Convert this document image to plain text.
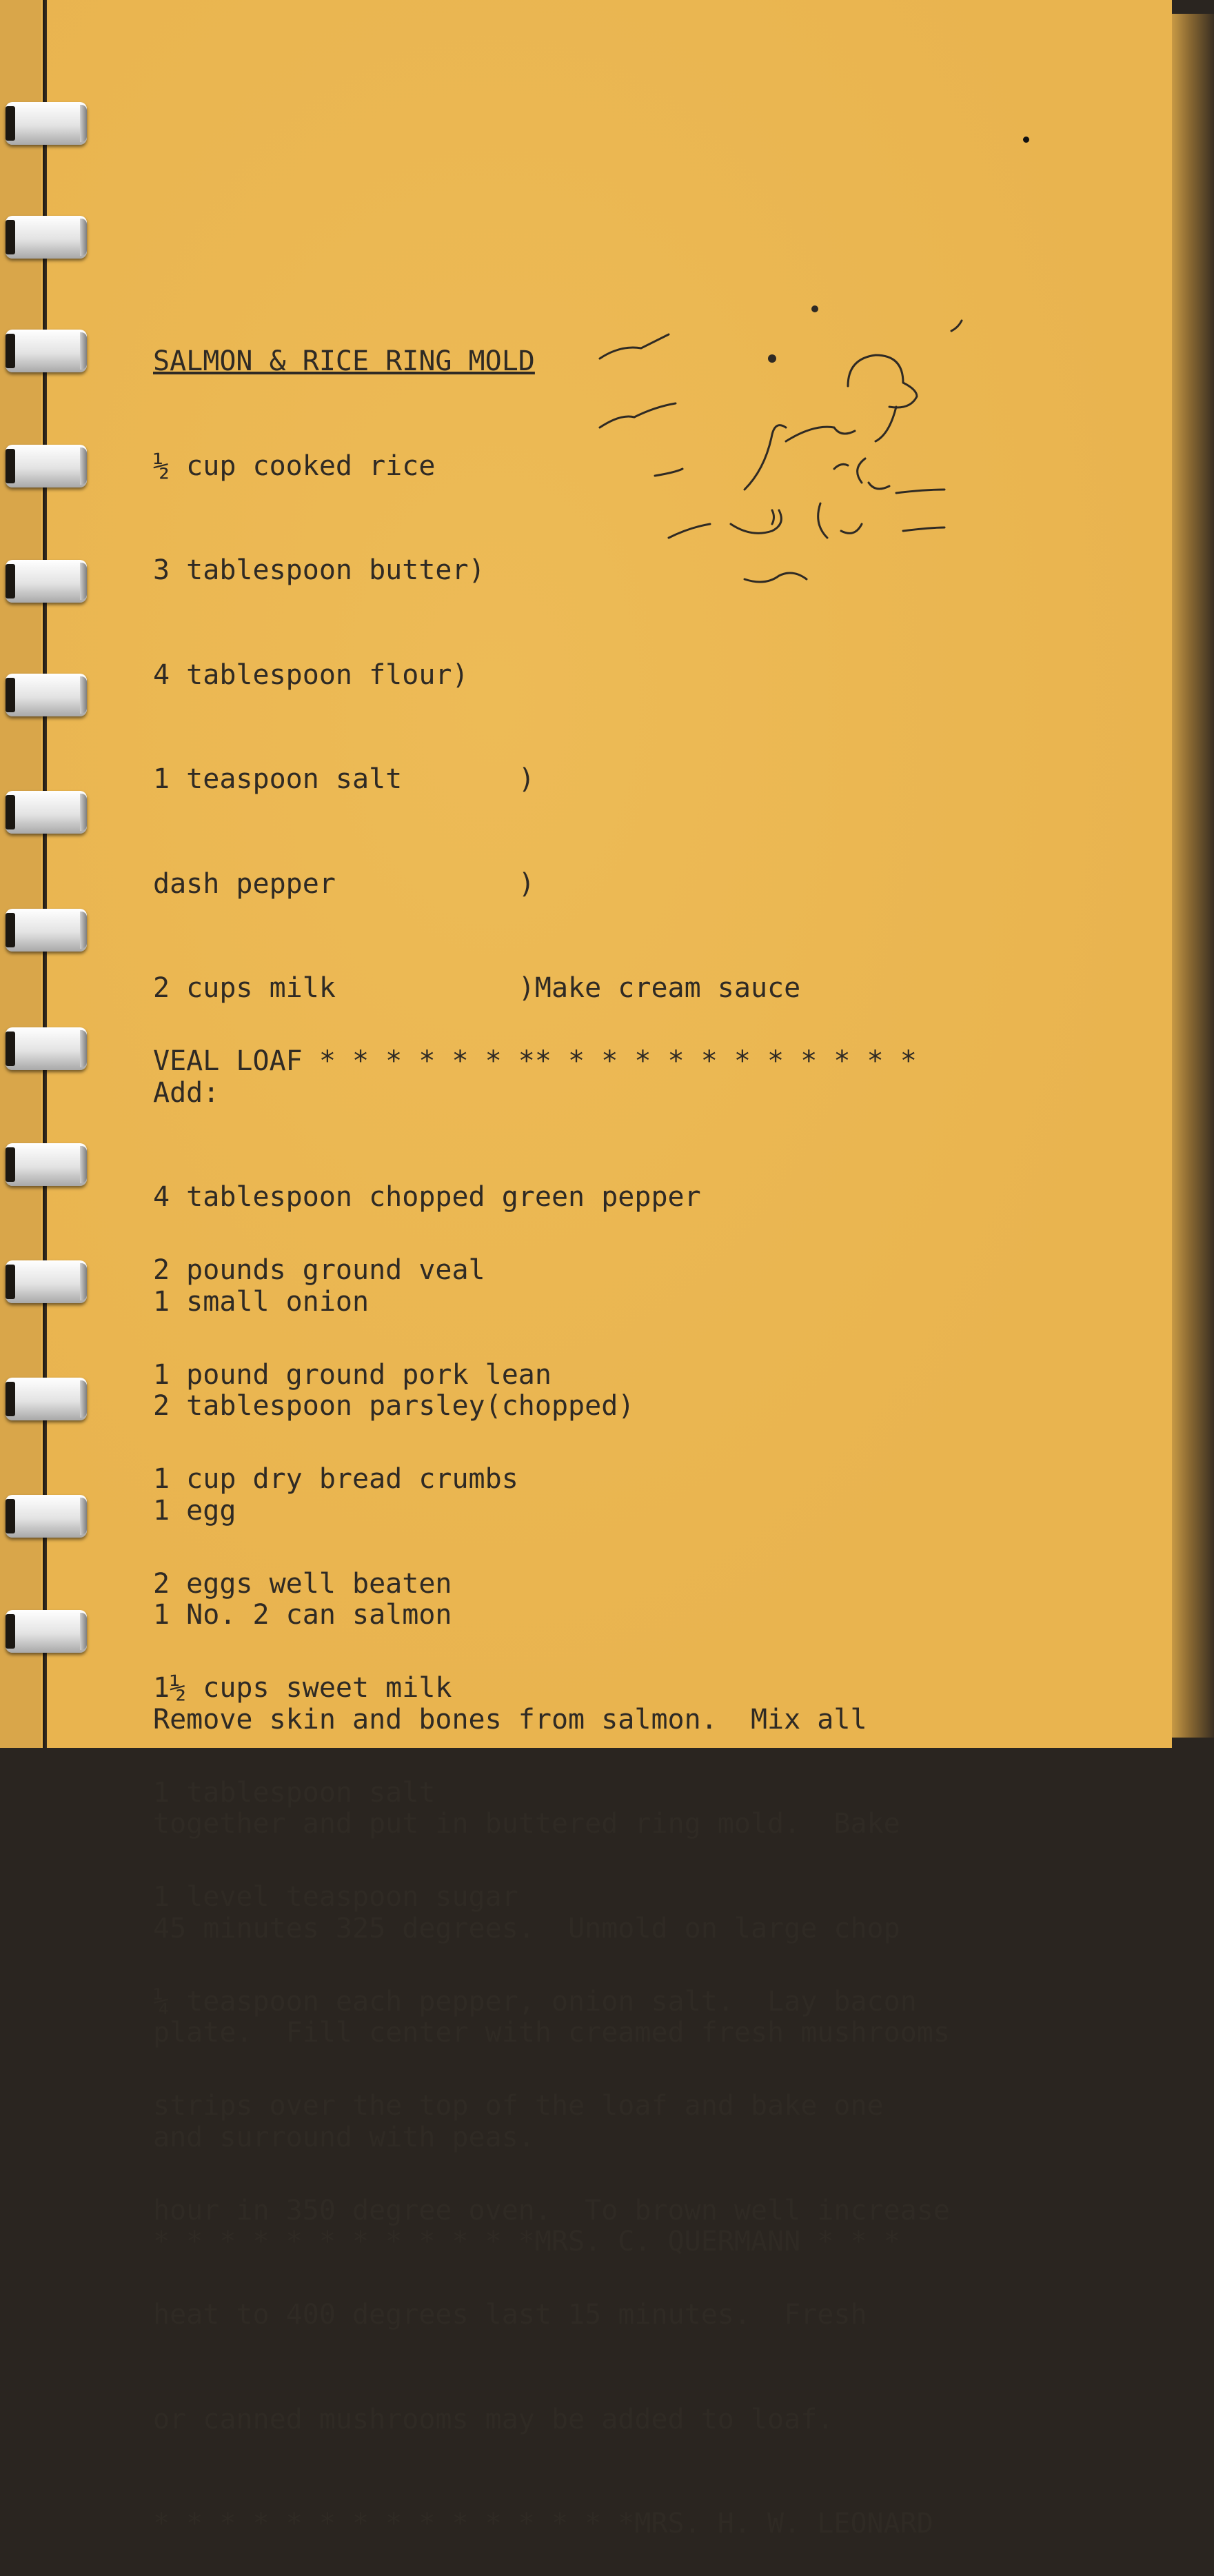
SALMON & RICE RING MOLD

½ cup cooked rice

3 tablespoon butter)

4 tablespoon flour)

1 teaspoon salt       )

dash pepper           )

2 cups milk           )Make cream sauce

Add:

4 tablespoon chopped green pepper

1 small onion

2 tablespoon parsley(chopped)

1 egg

1 No. 2 can salmon

Remove skin and bones from salmon.  Mix all

together and put in buttered ring mold.  Bake

45 minutes 325 degrees.  Unmold on large chop

plate.  Fill center with creamed fresh mushrooms

and surround with peas.

* * * * * * * * * * * *MRS. C. QUERMANN * * *

VEAL LOAF * * * * * * ** * * * * * * * * * * *

2 pounds ground veal

1 pound ground pork lean

1 cup dry bread crumbs

2 eggs well beaten

1½ cups sweet milk

1 tablespoon salt

1 level teaspoon sugar

¼ teaspoon each pepper, onion salt.  Lay bacon

strips over the top of the loaf and bake one

hour in 350 degree oven.  To brown well increase

heat to 400 degrees last 15 minutes.  Fresh

or canned mushrooms may be added to loaf.

* * * * * * * * * * * * * * *MRS. H. W. LEONARD
